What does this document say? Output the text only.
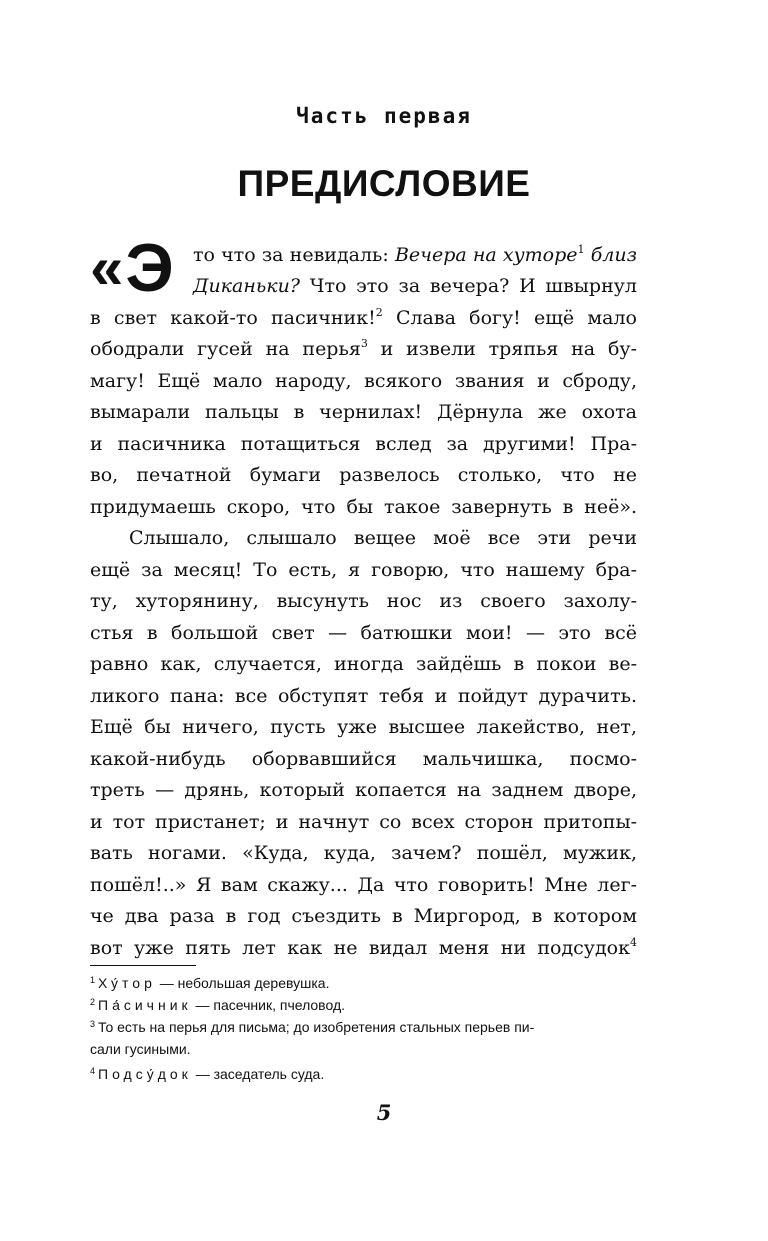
Часть первая
ПРЕДИСЛОВИЕ
«Э то что за невидаль: Вечера на хуторе$^1$ близ
Диканьки? Что это за вечера? И швырнул
в свет какой-то пасичник!$^2$ Слава богу! ещё мало
ободрали гусей на перья$^3$ и извели тряпья на бу-
магу! Ещё мало народу, всякого звания и сброду,
вымарали пальцы в чернилах! Дёрнула же охота
и пасичника потащиться вслед за другими! Пра-
во, печатной бумаги развелось столько, что не
придумаешь скоро, что бы такое завернуть в неё».
Слышало, слышало вещее моё все эти речи
ещё за месяц! То есть, я говорю, что нашему бра-
ту, хуторянину, высунуть нос из своего захолу-
стья в большой свет — батюшки мои! — это всё
равно как, случается, иногда зайдёшь в покои ве-
ликого пана: все обступят тебя и пойдут дурачить.
Ещё бы ничего, пусть уже высшее лакейство, нет,
какой-нибудь оборвавшийся мальчишка, посмо-
треть — дрянь, который копается на заднем дворе,
и тот пристанет; и начнут со всех сторон притопы-
вать ногами. «Куда, куда, зачем? пошёл, мужик,
пошёл!..» Я вам скажу... Да что говорить! Мне лег-
че два раза в год съездить в Миргород, в котором
вот уже пять лет как не видал меня ни подсудок$^4$
$^1$ Ху́тор — небольшая деревушка.
$^2$ Па́сичник — пасечник, пчеловод.
$^3$ То есть на перья для письма; до изобретения стальных перьев пи-
сали гусиными.
$^4$ Подсу́док — заседатель суда.
5
